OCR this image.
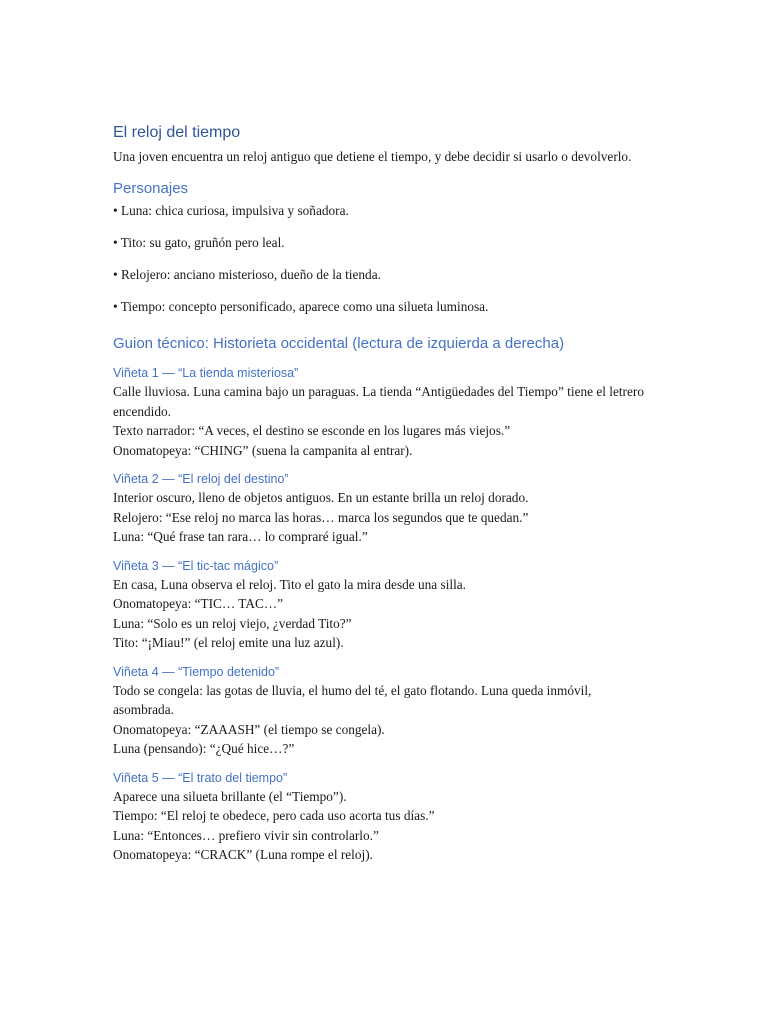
El reloj del tiempo

Una joven encuentra un reloj antiguo que detiene el tiempo, y debe decidir si usarlo o devolverlo.

Personajes

• Luna: chica curiosa, impulsiva y soñadora.

• Tito: su gato, gruñón pero leal.

• Relojero: anciano misterioso, dueño de la tienda.

• Tiempo: concepto personificado, aparece como una silueta luminosa.

Guion técnico: Historieta occidental (lectura de izquierda a derecha)
Viñeta 1 — “La tienda misteriosa”

Calle lluviosa. Luna camina bajo un paraguas. La tienda “Antigüedades del Tiempo” tiene el letrero encendido.

Texto narrador: “A veces, el destino se esconde en los lugares más viejos.”

Onomatopeya: “CHING” (suena la campanita al entrar).

Viñeta 2 — “El reloj del destino”

Interior oscuro, lleno de objetos antiguos. En un estante brilla un reloj dorado.

Relojero: “Ese reloj no marca las horas… marca los segundos que te quedan.”

Luna: “Qué frase tan rara… lo compraré igual.”

Viñeta 3 — “El tic-tac mágico”

En casa, Luna observa el reloj. Tito el gato la mira desde una silla.

Onomatopeya: “TIC… TAC…”

Luna: “Solo es un reloj viejo, ¿verdad Tito?”

Tito: “¡Miau!” (el reloj emite una luz azul).

Viñeta 4 — “Tiempo detenido”

Todo se congela: las gotas de lluvia, el humo del té, el gato flotando. Luna queda inmóvil, asombrada.

Onomatopeya: “ZAAASH” (el tiempo se congela).

Luna (pensando): “¿Qué hice…?”

Viñeta 5 — “El trato del tiempo”

Aparece una silueta brillante (el “Tiempo”).

Tiempo: “El reloj te obedece, pero cada uso acorta tus días.”

Luna: “Entonces… prefiero vivir sin controlarlo.”

Onomatopeya: “CRACK” (Luna rompe el reloj).
